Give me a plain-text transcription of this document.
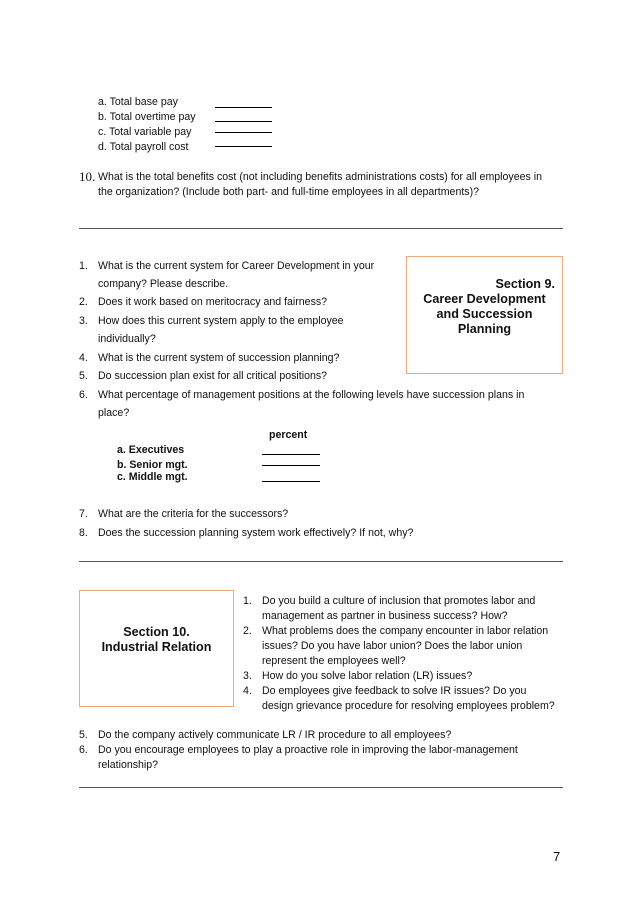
a. Total base pay
b. Total overtime pay
c. Total variable pay
d. Total payroll cost
10. What is the total benefits cost (not including benefits administrations costs) for all employees in
the organization? (Include both part- and full-time employees in all departments)?
Section 9.
Career Development
and Succession
Planning
1. What is the current system for Career Development in your
company? Please describe.
2. Does it work based on meritocracy and fairness?
3. How does this current system apply to the employee
individually?
4. What is the current system of succession planning?
5. Do succession plan exist for all critical positions?
6. What percentage of management positions at the following levels have succession plans in
place?
percent
a. Executives
b. Senior mgt.
c. Middle mgt.
7. What are the criteria for the successors?
8. Does the succession planning system work effectively? If not, why?
Section 10.
Industrial Relation
1. Do you build a culture of inclusion that promotes labor and
management as partner in business success? How?
2. What problems does the company encounter in labor relation
issues? Do you have labor union? Does the labor union
represent the employees well?
3. How do you solve labor relation (LR) issues?
4. Do employees give feedback to solve IR issues? Do you
design grievance procedure for resolving employees problem?
5. Do the company actively communicate LR / IR procedure to all employees?
6. Do you encourage employees to play a proactive role in improving the labor-management
relationship?
7
